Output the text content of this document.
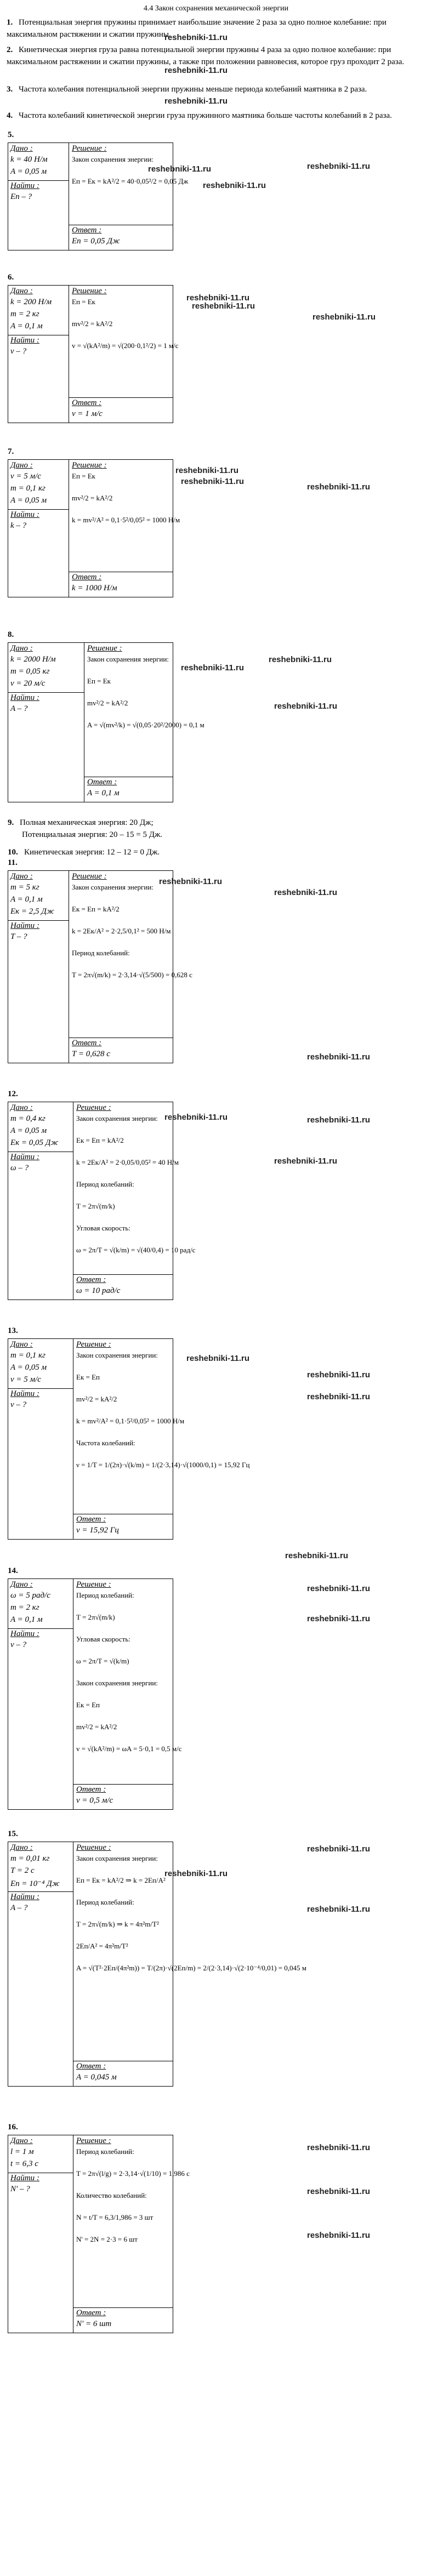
4.4 Закон сохранения механической энергии
1. Потенциальная энергия пружины принимает наибольшие значение 2 раза за одно полное колебание: при максимальном растяжении и сжатии пружины.
2. Кинетическая энергия груза равна потенциальной энергии пружины 4 раза за одно полное колебание: при максимальном растяжении и сжатии пружины, а также при положении равновесия, которое груз проходит 2 раза.
3. Частота колебания потенциальной энергии пружины меньше периода колебаний маятника в 2 раза.
4. Частота колебаний кинетической энергии груза пружинного маятника больше частоты колебаний в 2 раза.
reshebniki-11.ru
reshebniki-11.ru
reshebniki-11.ru
5.
Дано :
k = 40 Н/м
A = 0,05 м
Найти :
Eп – ?
Решение :
Закон сохранения энергии:
Eп = Eк = kA²/2 = 40·0,05²/2 = 0,05 Дж
Ответ :
Eп = 0,05 Дж
reshebniki-11.ru
reshebniki-11.ru
reshebniki-11.ru
6.
Дано :
k = 200 Н/м
m = 2 кг
A = 0,1 м
Найти :
v – ?
Решение :
Eп = Eк
mv²/2 = kA²/2
v = √(kA²/m) = √(200·0,1²/2) = 1 м/с
Ответ :
v = 1 м/с
reshebniki-11.ru
reshebniki-11.ru
reshebniki-11.ru
7.
Дано :
v = 5 м/с
m = 0,1 кг
A = 0,05 м
Найти :
k – ?
Решение :
Eп = Eк
mv²/2 = kA²/2
k = mv²/A² = 0,1·5²/0,05² = 1000 Н/м
Ответ :
k = 1000 Н/м
reshebniki-11.ru
reshebniki-11.ru
reshebniki-11.ru
8.
Дано :
k = 2000 Н/м
m = 0,05 кг
v = 20 м/с
Найти :
A – ?
Решение :
Закон сохранения энергии:
Eп = Eк
mv²/2 = kA²/2
A = √(mv²/k) = √(0,05·20²/2000) = 0,1 м
Ответ :
A = 0,1 м
reshebniki-11.ru
reshebniki-11.ru
reshebniki-11.ru
11.
Дано :
m = 5 кг
A = 0,1 м
Eк = 2,5 Дж
Найти :
T – ?
Решение :
Закон сохранения энергии:
Eк = Eп = kA²/2
k = 2Eк/A² = 2·2,5/0,1² = 500 Н/м
Период колебаний:
T = 2π√(m/k) = 2·3,14·√(5/500) = 0,628 с
Ответ :
T = 0,628 с
reshebniki-11.ru
reshebniki-11.ru
reshebniki-11.ru
12.
Дано :
m = 0,4 кг
A = 0,05 м
Eк = 0,05 Дж
Найти :
ω – ?
Решение :
Закон сохранения энергии:
Eк = Eп = kA²/2
k = 2Eк/A² = 2·0,05/0,05² = 40 Н/м
Период колебаний:
T = 2π√(m/k)
Угловая скорость:
ω = 2π/T = √(k/m) = √(40/0,4) = 10 рад/с
Ответ :
ω = 10 рад/с
reshebniki-11.ru	reshebniki-11.ru
reshebniki-11.ru
13.
Дано :
m = 0,1 кг
A = 0,05 м
v = 5 м/с
Найти :
ν – ?
Решение :
Закон сохранения энергии:
Eк = Eп
mv²/2 = kA²/2
k = mv²/A² = 0,1·5²/0,05² = 1000 Н/м
Частота колебаний:
ν = 1/T = 1/(2π)·√(k/m) = 1/(2·3,14)·√(1000/0,1) = 15,92 Гц
Ответ :
ν = 15,92 Гц
reshebniki-11.ru
reshebniki-11.ru
reshebniki-11.ru
14.
Дано :
ω = 5 рад/с
m = 2 кг
A = 0,1 м
Найти :
v – ?
Решение :
Период колебаний:
T = 2π√(m/k)
Угловая скорость:
ω = 2π/T = √(k/m)
Закон сохранения энергии:
Eк = Eп
mv²/2 = kA²/2
v = √(kA²/m) = ωA = 5·0,1 = 0,5 м/с
Ответ :
v = 0,5 м/с
reshebniki-11.ru
reshebniki-11.ru
reshebniki-11.ru
15.
Дано :
m = 0,01 кг
T = 2 с
Eп = 10⁻⁴ Дж
Найти :
A – ?
Решение :
Закон сохранения энергии:
Eп = Eк = kA²/2 ⇒ k = 2Eп/A²
Период колебаний:
T = 2π√(m/k) ⇒ k = 4π²m/T²
2Eп/A² = 4π²m/T²
A = √(T²·2Eп/(4π²m)) = T/(2π)·√(2Eп/m) = 2/(2·3,14)·√(2·10⁻⁴/0,01) = 0,045 м
Ответ :
A = 0,045 м
reshebniki-11.ru
reshebniki-11.ru
reshebniki-11.ru
16.
Дано :
l = 1 м
t = 6,3 с
Найти :
N' – ?
Решение :
Период колебаний:
T = 2π√(l/g) = 2·3,14·√(1/10) = 1,986 с
Количество колебаний:
N = t/T = 6,3/1,986 = 3 шт
N' = 2N = 2·3 = 6 шт
Ответ :
N' = 6 шт
reshebniki-11.ru
reshebniki-11.ru
reshebniki-11.ru
9. Полная механическая энергия: 20 Дж;
Потенциальная энергия: 20 – 15 = 5 Дж.
10. Кинетическая энергия: 12 – 12 = 0 Дж.
